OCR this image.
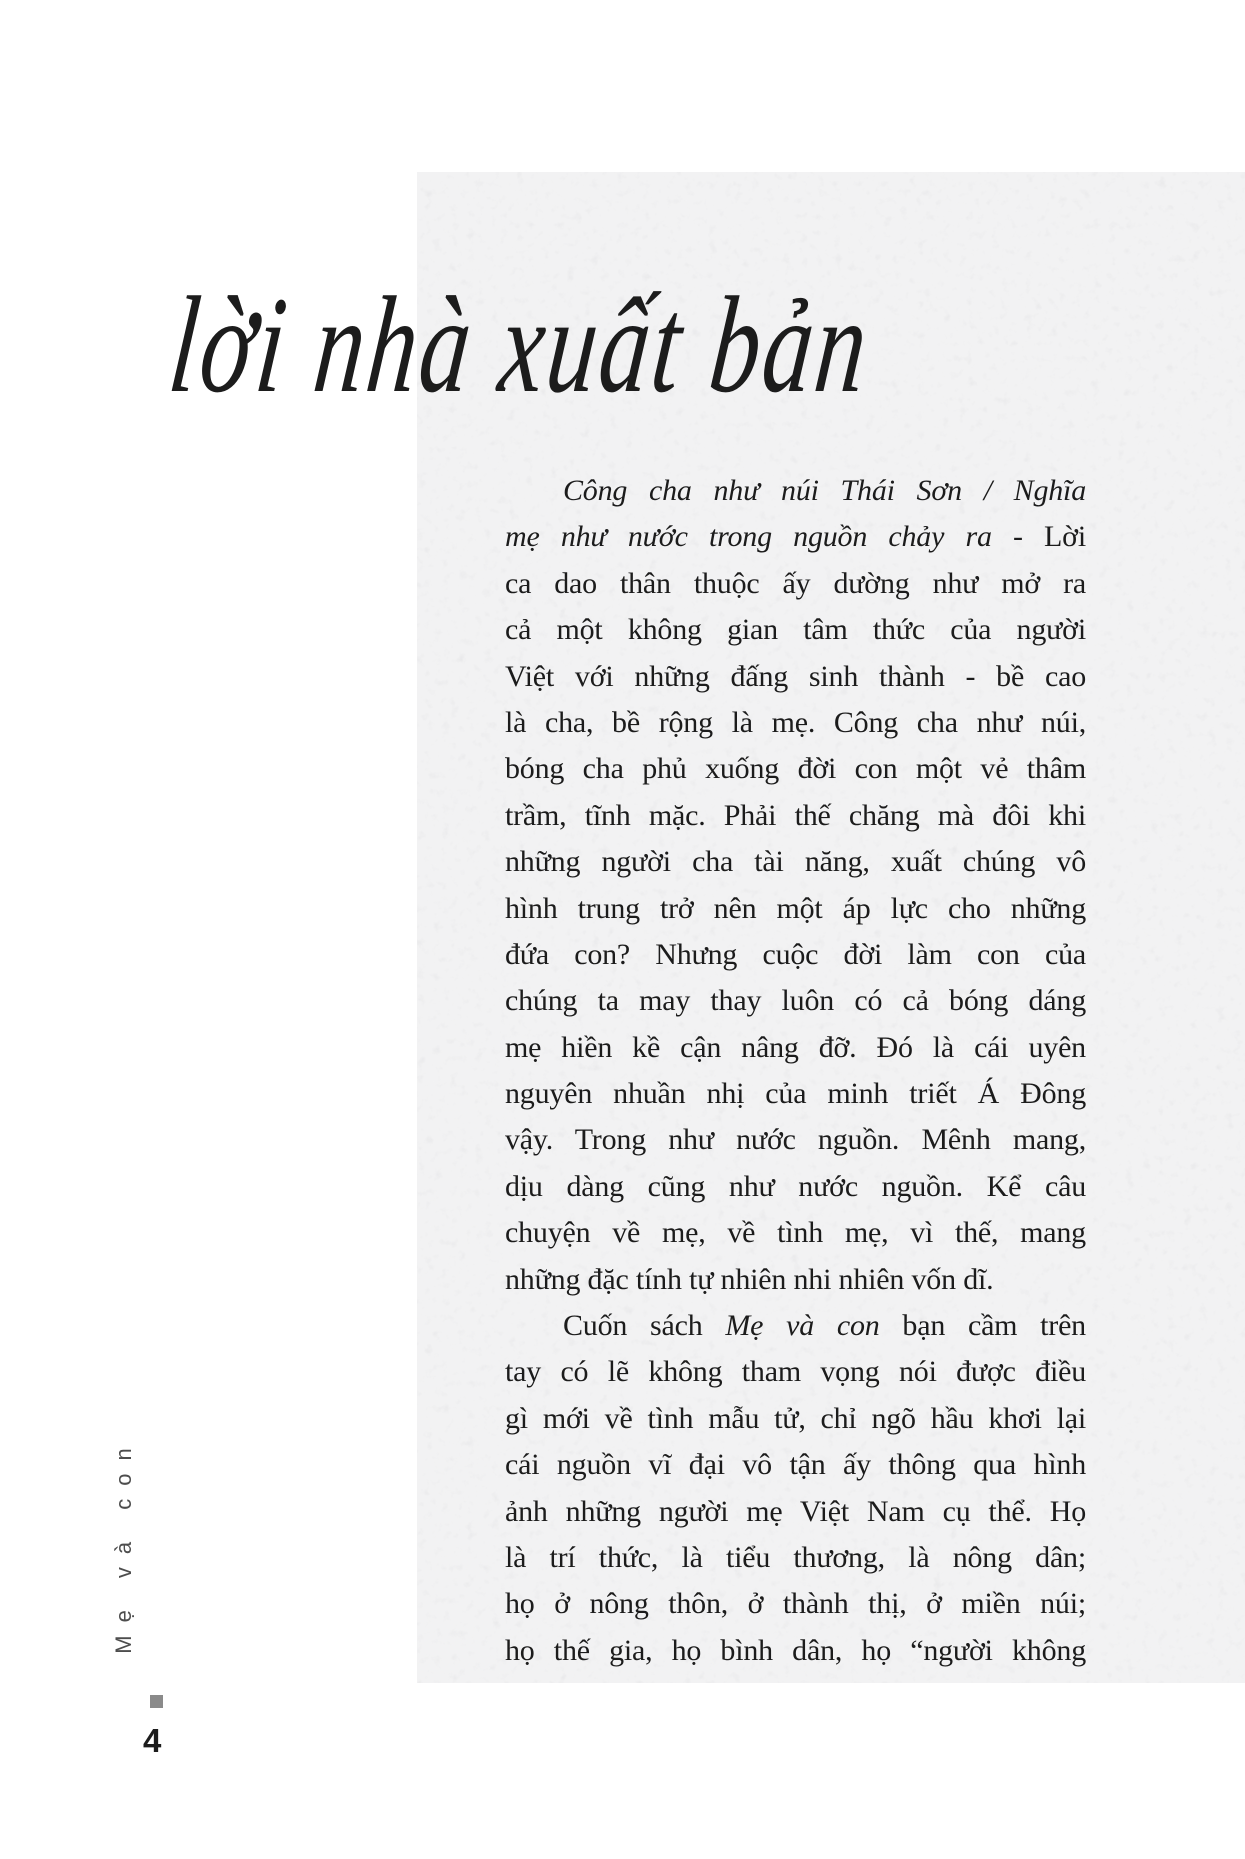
lời nhà xuất bản
Công cha như núi Thái Sơn / Nghĩa
mẹ như nước trong nguồn chảy ra - Lời
ca dao thân thuộc ấy dường như mở ra
cả một không gian tâm thức của người
Việt với những đấng sinh thành - bề cao
là cha, bề rộng là mẹ. Công cha như núi,
bóng cha phủ xuống đời con một vẻ thâm
trầm, tĩnh mặc. Phải thế chăng mà đôi khi
những người cha tài năng, xuất chúng vô
hình trung trở nên một áp lực cho những
đứa con? Nhưng cuộc đời làm con của
chúng ta may thay luôn có cả bóng dáng
mẹ hiền kề cận nâng đỡ. Đó là cái uyên
nguyên nhuần nhị của minh triết Á Đông
vậy. Trong như nước nguồn. Mênh mang,
dịu dàng cũng như nước nguồn. Kể câu
chuyện về mẹ, về tình mẹ, vì thế, mang
những đặc tính tự nhiên nhi nhiên vốn dĩ.
Cuốn sách Mẹ và con bạn cầm trên
tay có lẽ không tham vọng nói được điều
gì mới về tình mẫu tử, chỉ ngõ hầu khơi lại
cái nguồn vĩ đại vô tận ấy thông qua hình
ảnh những người mẹ Việt Nam cụ thể. Họ
là trí thức, là tiểu thương, là nông dân;
họ ở nông thôn, ở thành thị, ở miền núi;
họ thế gia, họ bình dân, họ “người không
Mẹ và con
4
